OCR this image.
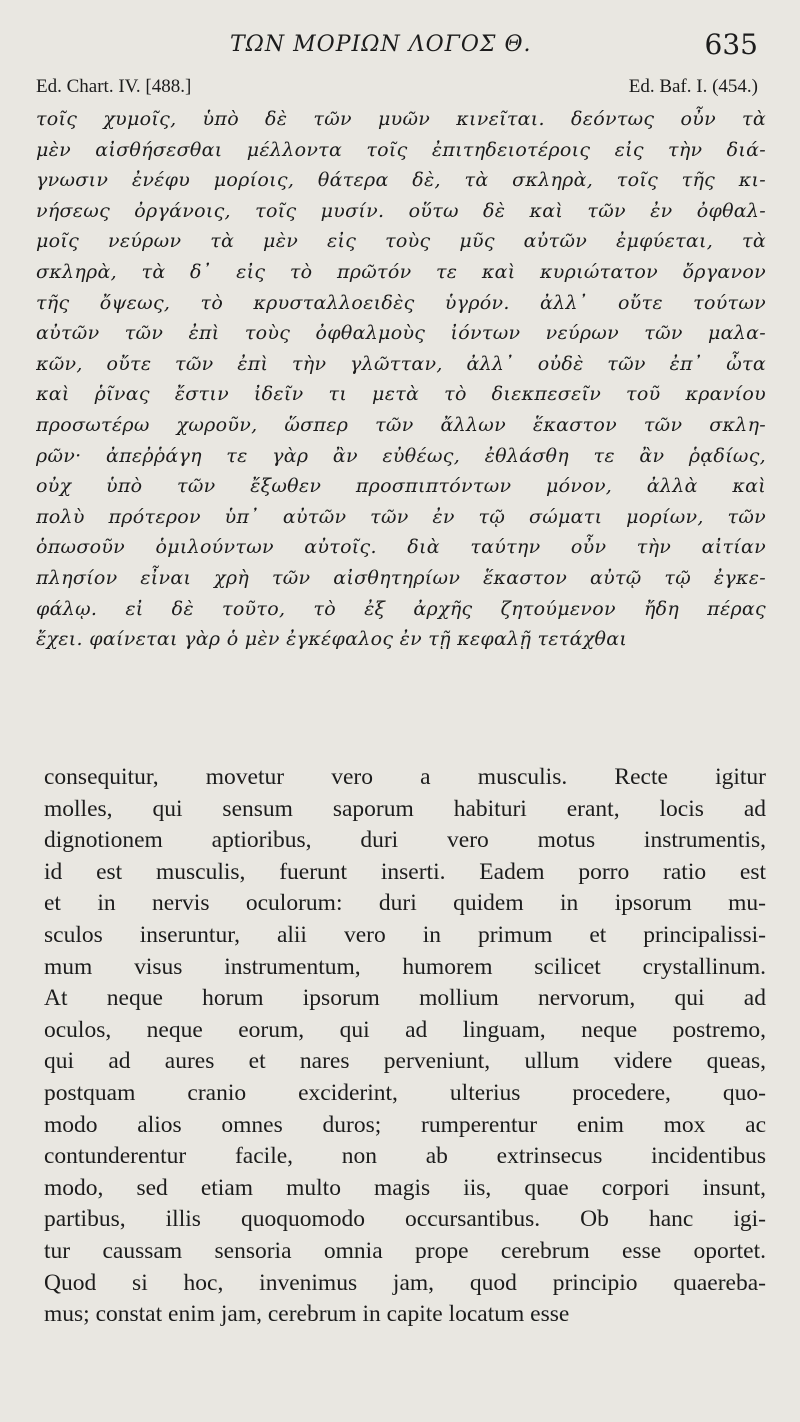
ΤΩΝ ΜΟΡΙΩΝ ΛΟΓΟΣ Θ.	635
Ed. Chart. IV. [488.]	Ed. Baf. I. (454.)
τοῖς χυμοῖς, ὑπὸ δὲ τῶν μυῶν κινεῖται. δεόντως οὖν τὰ
μὲν αἰσθήσεσθαι μέλλοντα τοῖς ἐπιτηδειοτέροις εἰς τὴν διά-
γνωσιν ἐνέφυ μορίοις, θάτερα δὲ, τὰ σκληρὰ, τοῖς τῆς κι-
νήσεως ὀργάνοις, τοῖς μυσίν. οὕτω δὲ καὶ τῶν ἐν ὀφθαλ-
μοῖς νεύρων τὰ μὲν εἰς τοὺς μῦς αὐτῶν ἐμφύεται, τὰ
σκληρὰ, τὰ δ᾽ εἰς τὸ πρῶτόν τε καὶ κυριώτατον ὄργανον
τῆς ὄψεως, τὸ κρυσταλλοειδὲς ὑγρόν. ἀλλ᾽ οὔτε τούτων
αὐτῶν τῶν ἐπὶ τοὺς ὀφθαλμοὺς ἰόντων νεύρων τῶν μαλα-
κῶν, οὔτε τῶν ἐπὶ τὴν γλῶτταν, ἀλλ᾽ οὐδὲ τῶν ἐπ᾽ ὦτα
καὶ ῥῖνας ἔστιν ἰδεῖν τι μετὰ τὸ διεκπεσεῖν τοῦ κρανίου
προσωτέρω χωροῦν, ὥσπερ τῶν ἄλλων ἕκαστον τῶν σκλη-
ρῶν· ἀπεῤῥάγη τε γὰρ ἂν εὐθέως, ἐθλάσθη τε ἂν ῥᾳδίως,
οὐχ ὑπὸ τῶν ἔξωθεν προσπιπτόντων μόνον, ἀλλὰ καὶ
πολὺ πρότερον ὑπ᾽ αὐτῶν τῶν ἐν τῷ σώματι μορίων, τῶν
ὁπωσοῦν ὁμιλούντων αὐτοῖς. διὰ ταύτην οὖν τὴν αἰτίαν
πλησίον εἶναι χρὴ τῶν αἰσθητηρίων ἕκαστον αὐτῷ τῷ ἐγκε-
φάλῳ. εἰ δὲ τοῦτο, τὸ ἐξ ἀρχῆς ζητούμενον ἤδη πέρας
ἔχει. φαίνεται γὰρ ὁ μὲν ἐγκέφαλος ἐν τῇ κεφαλῇ τετάχθαι
consequitur, movetur vero a musculis. Recte igitur
molles, qui sensum saporum habituri erant, locis ad
dignotionem aptioribus, duri vero motus instrumentis,
id est musculis, fuerunt inserti. Eadem porro ratio est
et in nervis oculorum: duri quidem in ipsorum mu-
sculos inseruntur, alii vero in primum et principalissi-
mum visus instrumentum, humorem scilicet crystallinum.
At neque horum ipsorum mollium nervorum, qui ad
oculos, neque eorum, qui ad linguam, neque postremo,
qui ad aures et nares perveniunt, ullum videre queas,
postquam cranio exciderint, ulterius procedere, quo-
modo alios omnes duros; rumperentur enim mox ac
contunderentur facile, non ab extrinsecus incidentibus
modo, sed etiam multo magis iis, quae corpori insunt,
partibus, illis quoquomodo occursantibus. Ob hanc igi-
tur caussam sensoria omnia prope cerebrum esse oportet.
Quod si hoc, invenimus jam, quod principio quaereba-
mus; constat enim jam, cerebrum in capite locatum esse
